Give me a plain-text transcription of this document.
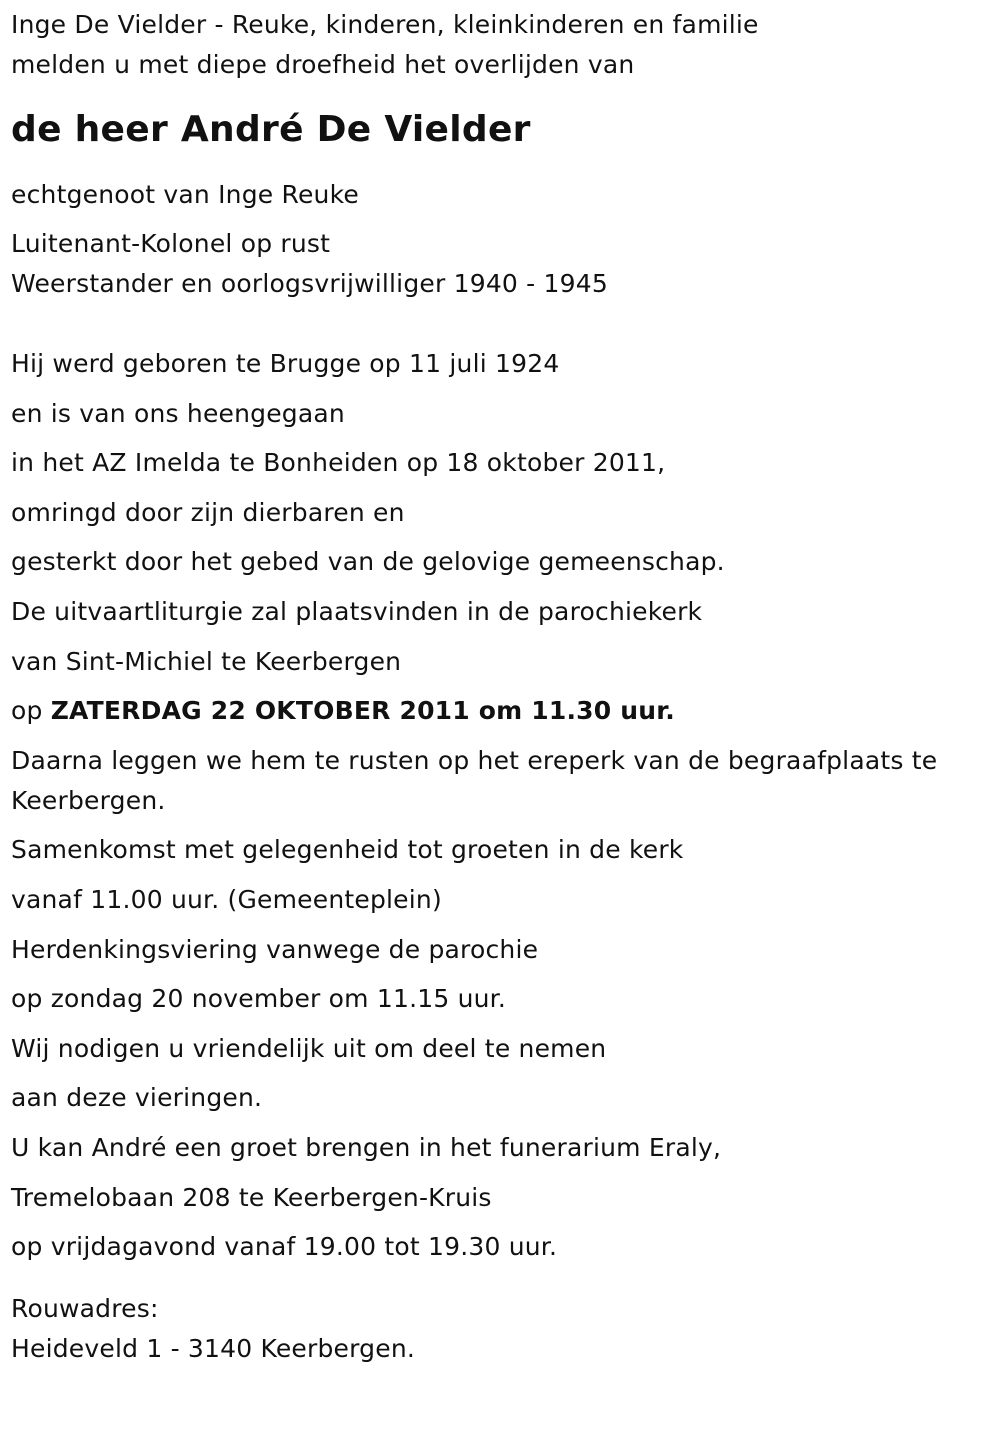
Inge De Vielder - Reuke, kinderen, kleinkinderen en familie
melden u met diepe droefheid het overlijden van
de heer André De Vielder
echtgenoot van Inge Reuke
Luitenant-Kolonel op rust
Weerstander en oorlogsvrijwilliger 1940 - 1945
Hij werd geboren te Brugge op 11 juli 1924
en is van ons heengegaan
in het AZ Imelda te Bonheiden op 18 oktober 2011,
omringd door zijn dierbaren en
gesterkt door het gebed van de gelovige gemeenschap.
De uitvaartliturgie zal plaatsvinden in de parochiekerk
van Sint-Michiel te Keerbergen
op ZATERDAG 22 OKTOBER 2011 om 11.30 uur.
Daarna leggen we hem te rusten op het ereperk van de begraafplaats te
Keerbergen.
Samenkomst met gelegenheid tot groeten in de kerk
vanaf 11.00 uur. (Gemeenteplein)
Herdenkingsviering vanwege de parochie
op zondag 20 november om 11.15 uur.
Wij nodigen u vriendelijk uit om deel te nemen
aan deze vieringen.
U kan André een groet brengen in het funerarium Eraly,
Tremelobaan 208 te Keerbergen-Kruis
op vrijdagavond vanaf 19.00 tot 19.30 uur.
Rouwadres:
Heideveld 1 - 3140 Keerbergen.
